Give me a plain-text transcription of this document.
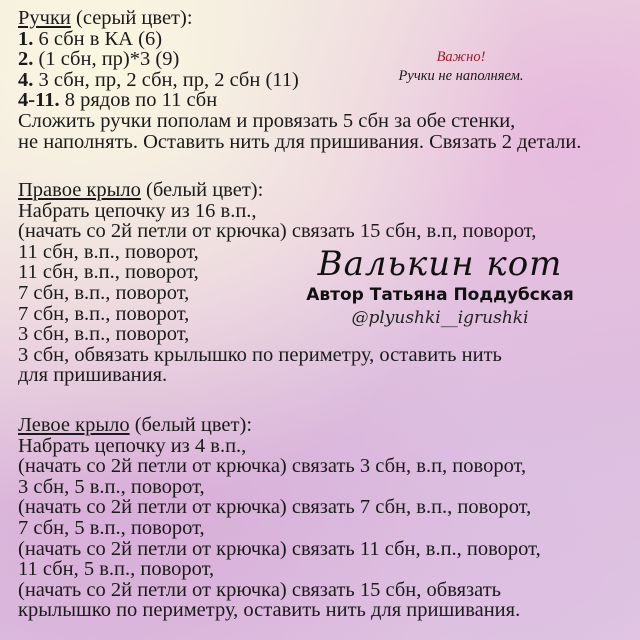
Ручки (серый цвет):
1. 6 сбн в КА (6)
2. (1 сбн, пр)*3 (9)
4. 3 сбн, пр, 2 сбн, пр, 2 сбн (11)
4-11. 8 рядов по 11 сбн
Сложить ручки пополам и провязать 5 сбн за обе стенки,
не наполнять. Оставить нить для пришивания. Связать 2 детали.
Важно!
Ручки не наполняем.
Правое крыло (белый цвет):
Набрать цепочку из 16 в.п.,
(начать со 2й петли от крючка) связать 15 сбн, в.п, поворот,
11 сбн, в.п., поворот,
11 сбн, в.п., поворот,
7 сбн, в.п., поворот,
7 сбн, в.п., поворот,
3 сбн, в.п., поворот,
3 сбн, обвязать крылышко по периметру, оставить нить
для пришивания.
Левое крыло (белый цвет):
Набрать цепочку из 4 в.п.,
(начать со 2й петли от крючка) связать 3 сбн, в.п, поворот,
3 сбн, 5 в.п., поворот,
(начать со 2й петли от крючка) связать 7 сбн, в.п., поворот,
7 сбн, 5 в.п., поворот,
(начать со 2й петли от крючка) связать 11 сбн, в.п., поворот,
11 сбн, 5 в.п., поворот,
(начать со 2й петли от крючка) связать 15 сбн, обвязать
крылышко по периметру, оставить нить для пришивания.
Валькин кот
Автор Татьяна Поддубская
@plyushki__igrushki
